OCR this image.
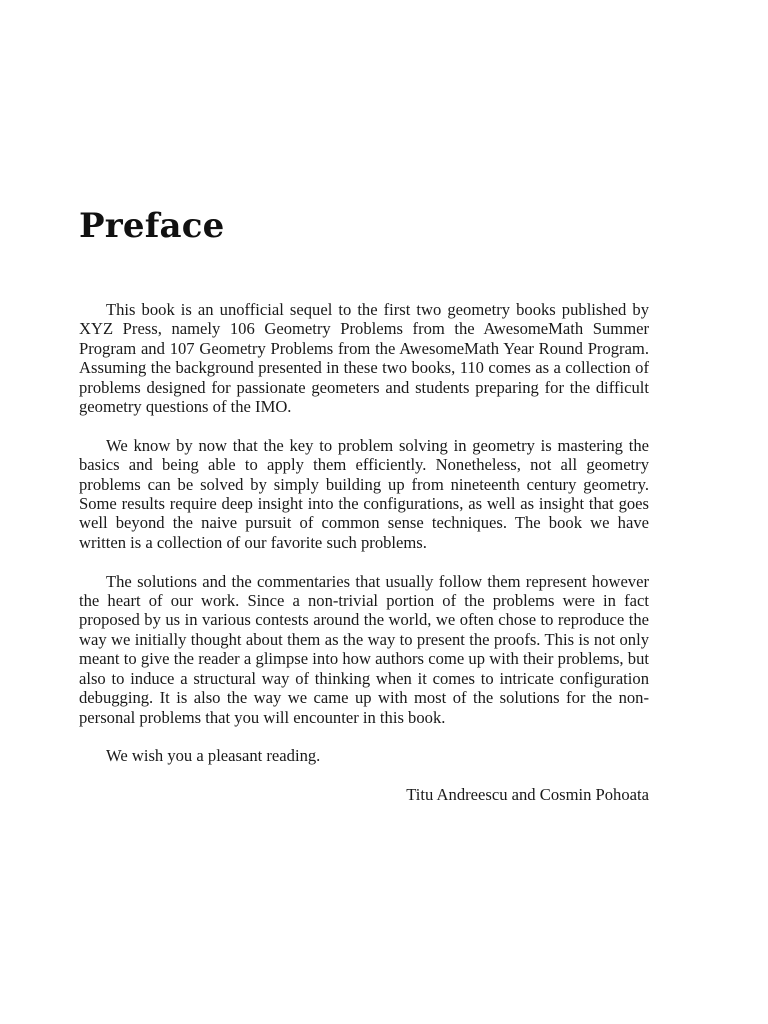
Preface

This book is an unofficial sequel to the first two geometry books published by XYZ Press, namely 106 Geometry Problems from the AwesomeMath Summer Program and 107 Geometry Problems from the AwesomeMath Year Round Program. Assuming the background presented in these two books, 110 comes as a collection of problems designed for passionate geometers and students preparing for the difficult geometry questions of the IMO.

We know by now that the key to problem solving in geometry is mastering the basics and being able to apply them efficiently. Nonetheless, not all geometry problems can be solved by simply building up from nineteenth century geometry. Some results require deep insight into the configurations, as well as insight that goes well beyond the naive pursuit of common sense techniques. The book we have written is a collection of our favorite such problems.

The solutions and the commentaries that usually follow them represent however the heart of our work. Since a non-trivial portion of the problems were in fact proposed by us in various contests around the world, we often chose to reproduce the way we initially thought about them as the way to present the proofs. This is not only meant to give the reader a glimpse into how authors come up with their problems, but also to induce a structural way of thinking when it comes to intricate configuration debugging. It is also the way we came up with most of the solutions for the non-personal problems that you will encounter in this book.

We wish you a pleasant reading.

Titu Andreescu and Cosmin Pohoata
